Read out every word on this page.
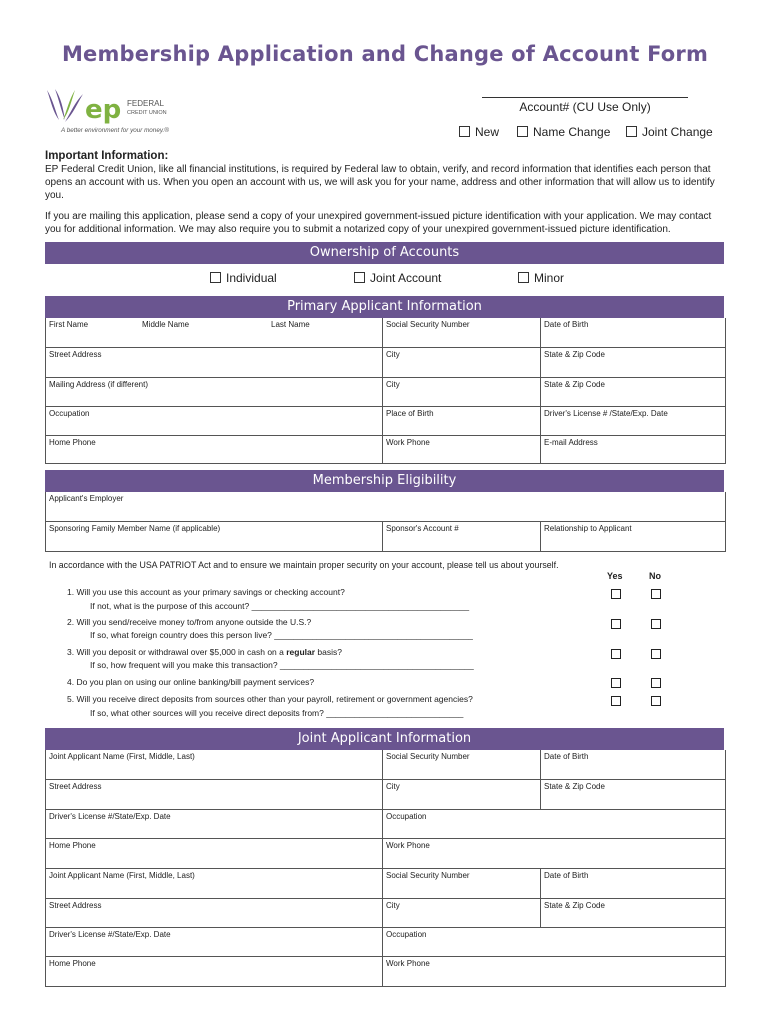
Membership Application and Change of Account Form
ep FEDERAL
CREDIT UNION
A better environment for your money.®
Account# (CU Use Only)
New	Name Change	Joint Change
Important Information:
EP Federal Credit Union, like all financial institutions, is required by Federal law to obtain, verify, and record information that identifies each person that opens an account with us. When you open an account with us, we will ask you for your name, address and other information that will allow us to identify you.
If you are mailing this application, please send a copy of your unexpired government-issued picture identification with your application. We may contact you for additional information. We may also require you to submit a notarized copy of your unexpired government-issued picture identification.
Ownership of Accounts
Individual	Joint Account	Minor
Primary Applicant Information
First Name	Middle Name	Last Name	Social Security Number	Date of Birth
Street Address	City	State & Zip Code
Mailing Address (if different)	City	State & Zip Code
Occupation	Place of Birth	Driver's License # /State/Exp. Date
Home Phone	Work Phone	E-mail Address
Membership Eligibility
Applicant's Employer
Sponsoring Family Member Name (if applicable)	Sponsor's Account #	Relationship to Applicant
In accordance with the USA PATRIOT Act and to ensure we maintain proper security on your account, please tell us about yourself.
Yes	No
1. Will you use this account as your primary savings or checking account?
If not, what is the purpose of this account? ______________________________________________
2. Will you send/receive money to/from anyone outside the U.S.?
If so, what foreign country does this person live? __________________________________________
3. Will you deposit or withdrawal over $5,000 in cash on a regular basis?
If so, how frequent will you make this transaction? _________________________________________
4. Do you plan on using our online banking/bill payment services?
5. Will you receive direct deposits from sources other than your payroll, retirement or government agencies?
If so, what other sources will you receive direct deposits from? _____________________________
Joint Applicant Information
Joint Applicant Name (First, Middle, Last)	Social Security Number	Date of Birth
Street Address	City	State & Zip Code
Driver's License #/State/Exp. Date	Occupation
Home Phone	Work Phone
Joint Applicant Name (First, Middle, Last)	Social Security Number	Date of Birth
Street Address	City	State & Zip Code
Driver's License #/State/Exp. Date	Occupation
Home Phone	Work Phone
